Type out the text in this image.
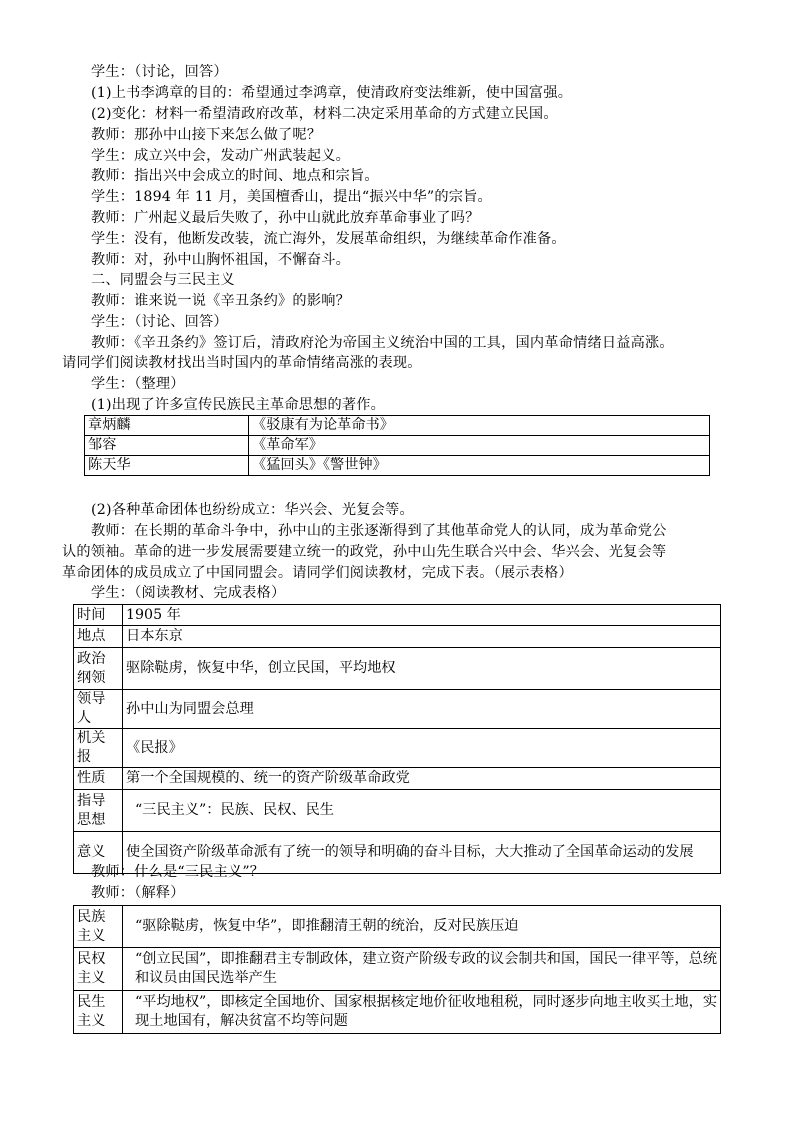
学生：（讨论，回答）
(1)上书李鸿章的目的：希望通过李鸿章，使清政府变法维新，使中国富强。
(2)变化：材料一希望清政府改革，材料二决定采用革命的方式建立民国。
教师：那孙中山接下来怎么做了呢？
学生：成立兴中会，发动广州武装起义。
教师：指出兴中会成立的时间、地点和宗旨。
学生：1894 年 11 月，美国檀香山，提出“振兴中华”的宗旨。
教师：广州起义最后失败了，孙中山就此放弃革命事业了吗？
学生：没有，他断发改装，流亡海外，发展革命组织，为继续革命作准备。
教师：对，孙中山胸怀祖国，不懈奋斗。
二、同盟会与三民主义
教师：谁来说一说《辛丑条约》的影响？
学生：（讨论、回答）
教师：《辛丑条约》签订后，清政府沦为帝国主义统治中国的工具，国内革命情绪日益高涨。
请同学们阅读教材找出当时国内的革命情绪高涨的表现。
学生：（整理）
(1)出现了许多宣传民族民主革命思想的著作。
章炳麟	《驳康有为论革命书》
邹容	《革命军》
陈天华	《猛回头》《警世钟》
(2)各种革命团体也纷纷成立：华兴会、光复会等。
教师：在长期的革命斗争中，孙中山的主张逐渐得到了其他革命党人的认同，成为革命党公
认的领袖。革命的进一步发展需要建立统一的政党，孙中山先生联合兴中会、华兴会、光复会等
革命团体的成员成立了中国同盟会。请同学们阅读教材，完成下表。（展示表格）
学生：（阅读教材、完成表格）
时间	1905 年
地点	日本东京
政治纲领	驱除鞑虏，恢复中华，创立民国，平均地权
领导人	孙中山为同盟会总理
机关报	《民报》
性质	第一个全国规模的、统一的资产阶级革命政党
指导思想	“三民主义”：民族、民权、民生
意义	使全国资产阶级革命派有了统一的领导和明确的奋斗目标，大大推动了全国革命运动的发展
教师：什么是“三民主义”？
教师：（解释）
民族主义	“驱除鞑虏，恢复中华”，即推翻清王朝的统治，反对民族压迫
民权主义	“创立民国”，即推翻君主专制政体，建立资产阶级专政的议会制共和国，国民一律平等，总统和议员由国民选举产生
民生主义	“平均地权”，即核定全国地价、国家根据核定地价征收地租税，同时逐步向地主收买土地，实现土地国有，解决贫富不均等问题
